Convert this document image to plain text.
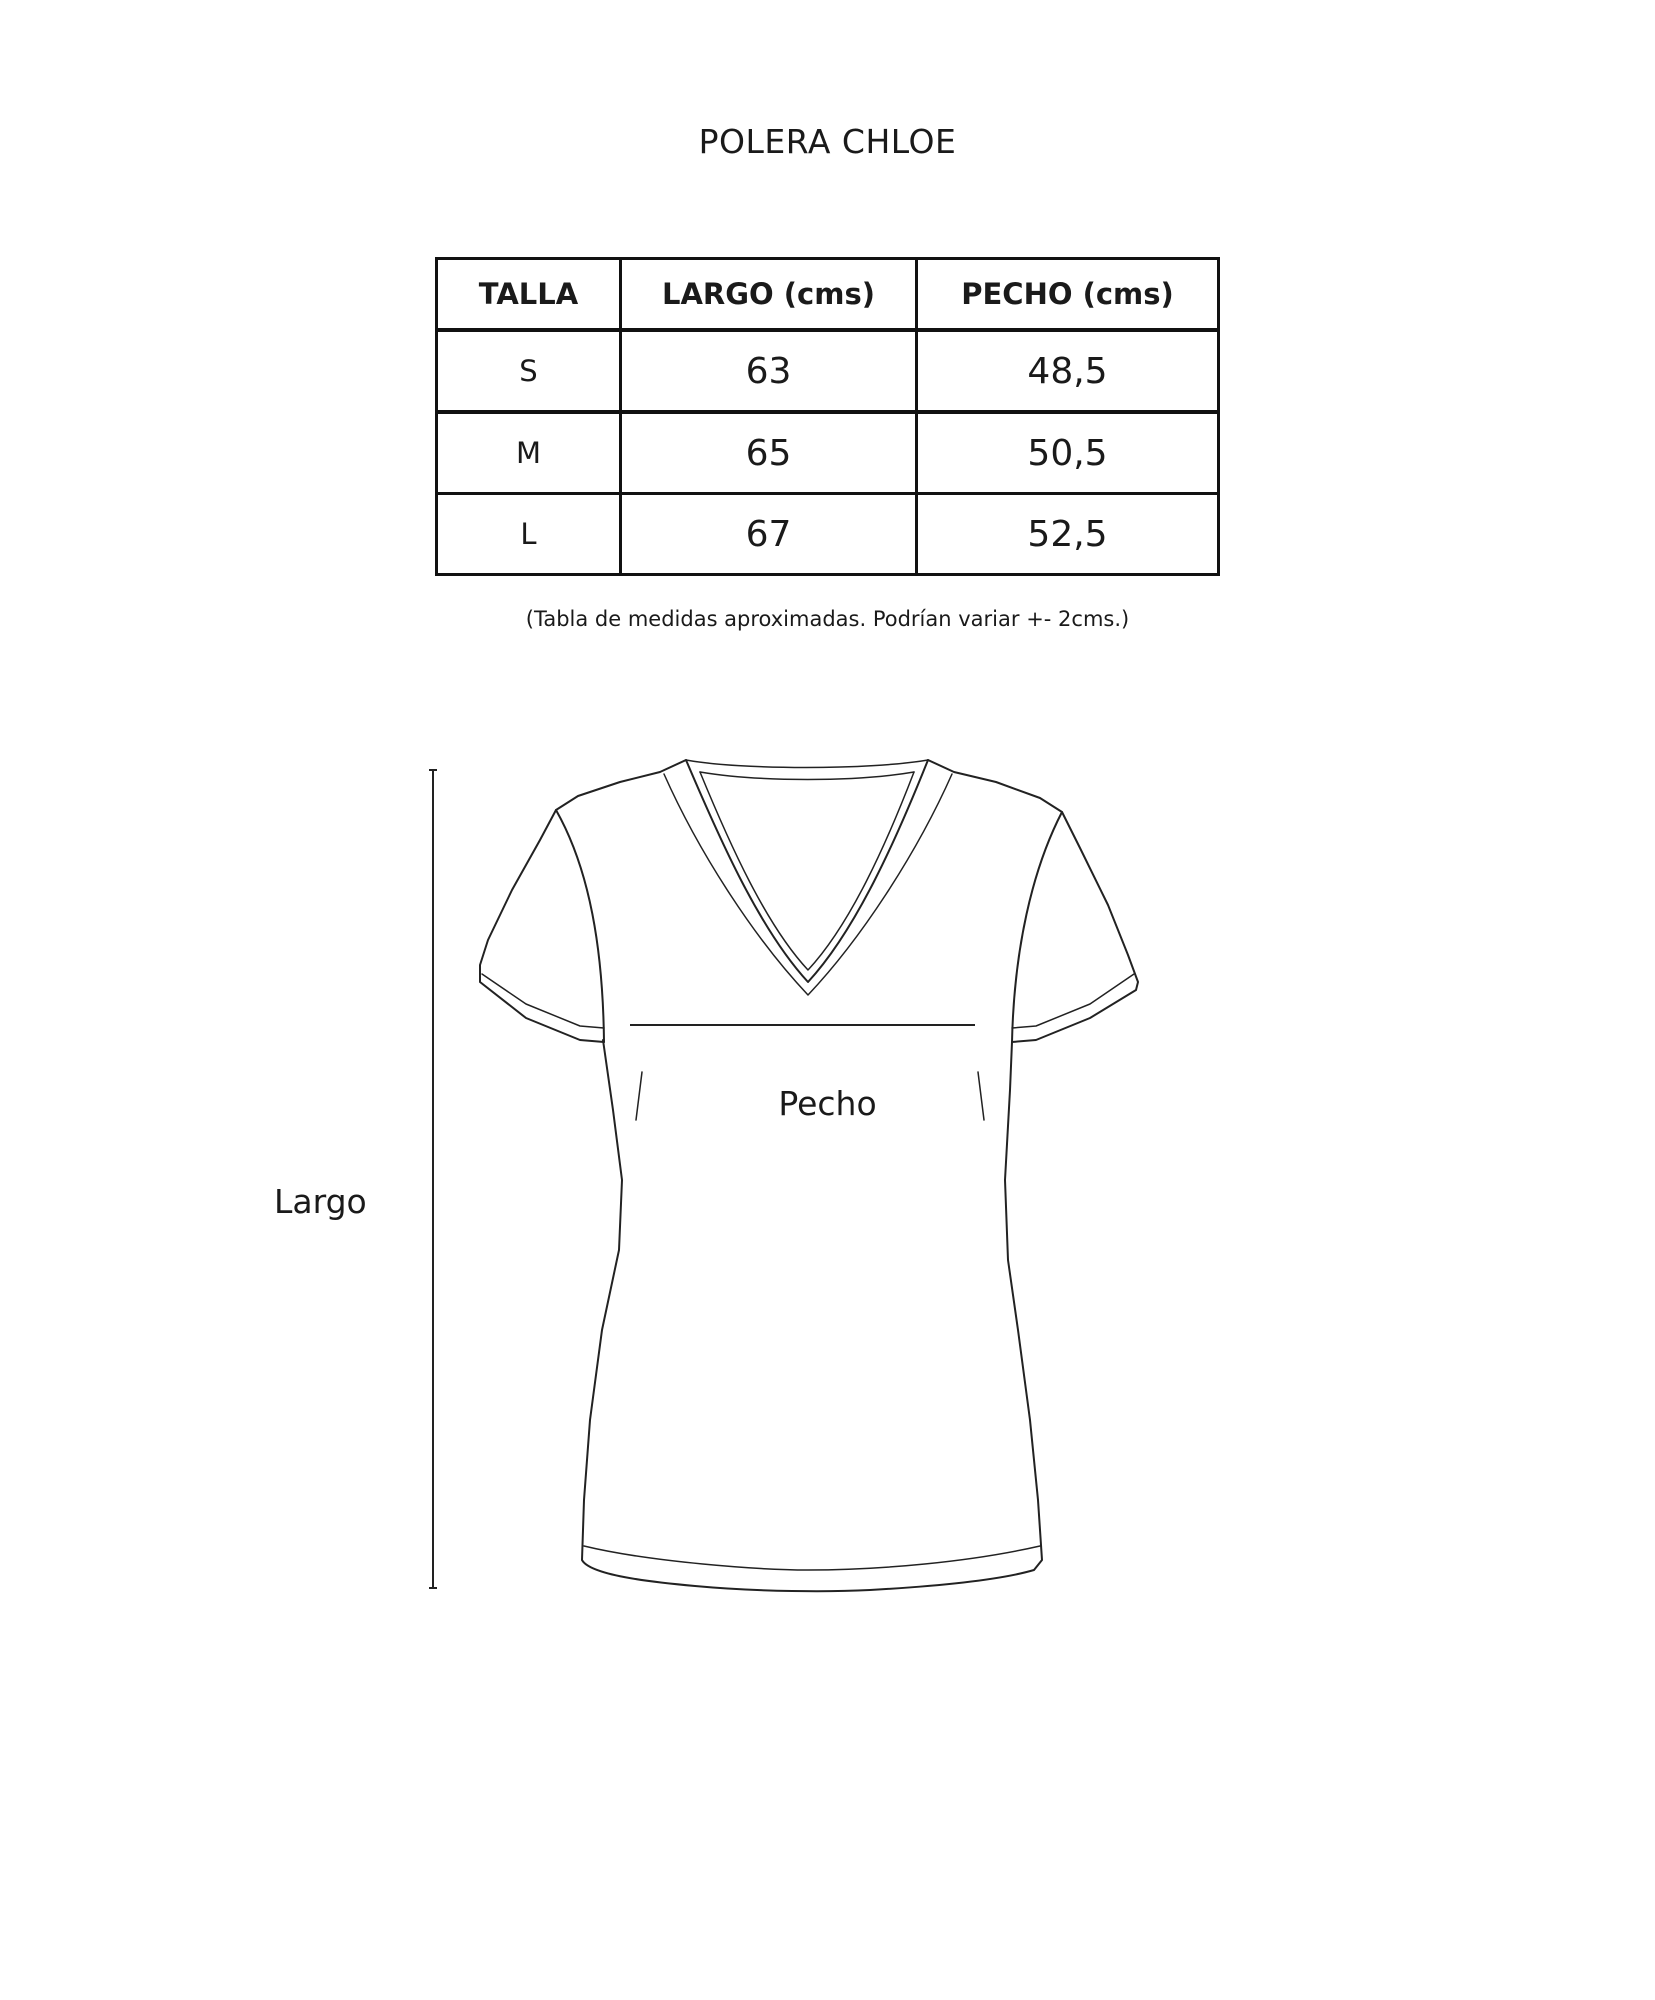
POLERA CHLOE
TALLA	LARGO (cms)	PECHO (cms)
S	63	48,5
M	65	50,5
L	67	52,5
(Tabla de medidas aproximadas. Podrían variar +- 2cms.)
Largo
Pecho
